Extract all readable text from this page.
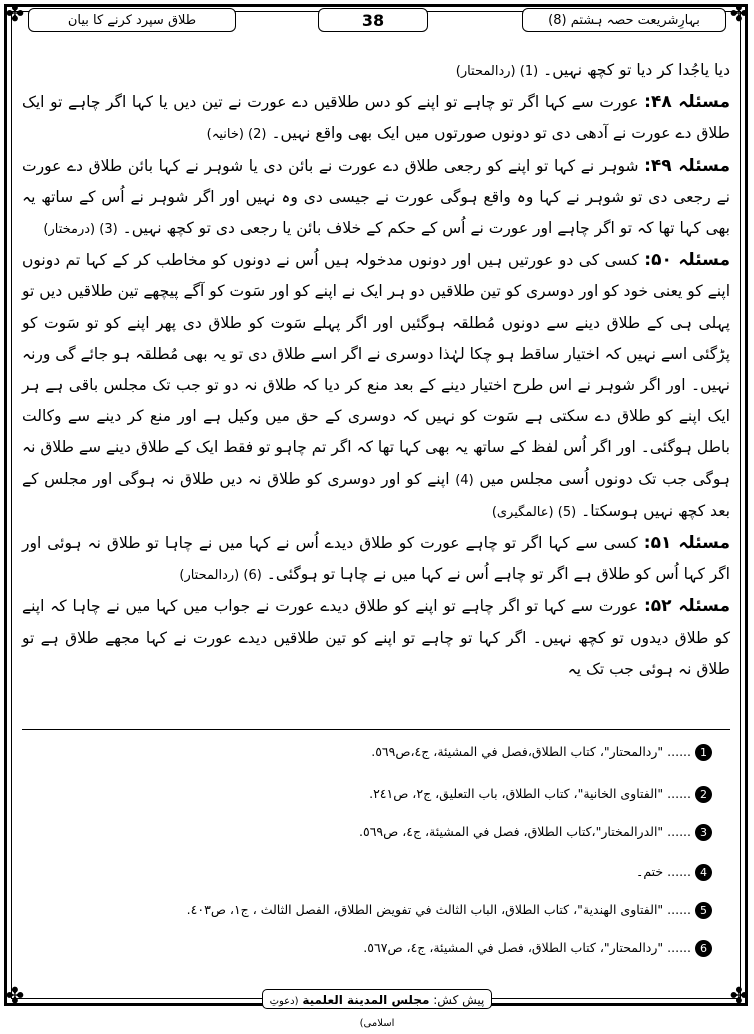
✤	✤
✤	✤
بہارِشریعت حصہ ہشتم (8)
38
طلاق سپرد کرنے کا بیان

دیا یاجُدا کر دیا تو کچھ نہیں۔ (1) (ردالمحتار)

مسئلہ ۴۸: عورت سے کہا اگر تو چاہے تو اپنے کو دس طلاقیں دے عورت نے تین دیں یا کہا اگر چاہے تو ایک طلاق دے عورت نے آدھی دی تو دونوں صورتوں میں ایک بھی واقع نہیں۔ (2) (خانیہ)

مسئلہ ۴۹: شوہر نے کہا تو اپنے کو رجعی طلاق دے عورت نے بائن دی یا شوہر نے کہا بائن طلاق دے عورت نے رجعی دی تو شوہر نے کہا وہ واقع ہوگی عورت نے جیسی دی وہ نہیں اور اگر شوہر نے اُس کے ساتھ یہ بھی کہا تھا کہ تو اگر چاہے اور عورت نے اُس کے حکم کے خلاف بائن یا رجعی دی تو کچھ نہیں۔ (3) (درمختار)

مسئلہ ۵۰: کسی کی دو عورتیں ہیں اور دونوں مدخولہ ہیں اُس نے دونوں کو مخاطب کر کے کہا تم دونوں اپنے کو یعنی خود کو اور دوسری کو تین طلاقیں دو ہر ایک نے اپنے کو اور سَوت کو آگے پیچھے تین طلاقیں دیں تو پہلی ہی کے طلاق دینے سے دونوں مُطلقہ ہوگئیں اور اگر پہلے سَوت کو طلاق دی پھر اپنے کو تو سَوت کو پڑگئی اسے نہیں کہ اختیار ساقط ہو چکا لہٰذا دوسری نے اگر اسے طلاق دی تو یہ بھی مُطلقہ ہو جائے گی ورنہ نہیں۔ اور اگر شوہر نے اس طرح اختیار دینے کے بعد منع کر دیا کہ طلاق نہ دو تو جب تک مجلس باقی ہے ہر ایک اپنے کو طلاق دے سکتی ہے سَوت کو نہیں کہ دوسری کے حق میں وکیل ہے اور منع کر دینے سے وکالت باطل ہوگئی۔ اور اگر اُس لفظ کے ساتھ یہ بھی کہا تھا کہ اگر تم چاہو تو فقط ایک کے طلاق دینے سے طلاق نہ ہوگی جب تک دونوں اُسی مجلس میں (4) اپنے کو اور دوسری کو طلاق نہ دیں طلاق نہ ہوگی اور مجلس کے بعد کچھ نہیں ہوسکتا۔ (5) (عالمگیری)

مسئلہ ۵۱: کسی سے کہا اگر تو چاہے عورت کو طلاق دیدے اُس نے کہا میں نے چاہا تو طلاق نہ ہوئی اور اگر کہا اُس کو طلاق ہے اگر تو چاہے اُس نے کہا میں نے چاہا تو ہوگئی۔ (6) (ردالمحتار)

مسئلہ ۵۲: عورت سے کہا تو اگر چاہے تو اپنے کو طلاق دیدے عورت نے جواب میں کہا میں نے چاہا کہ اپنے کو طلاق دیدوں تو کچھ نہیں۔ اگر کہا تو چاہے تو اپنے کو تین طلاقیں دیدے عورت نے کہا مجھے طلاق ہے تو طلاق نہ ہوئی جب تک یہ

1...... "ردالمحتار"، كتاب الطلاق،فصل في المشيئة، ج٤،ص٥٦٩.
2...... "الفتاوى الخانية"، كتاب الطلاق، باب التعليق، ج٢، ص٢٤١.
3...... "الدرالمختار"،كتاب الطلاق، فصل في المشيئة، ج٤، ص٥٦٩.
4...... ختم۔
5...... "الفتاوى الهندية"، كتاب الطلاق، الباب الثالث في تفويض الطلاق، الفصل الثالث ، ج١، ص٤٠٣.
6...... "ردالمحتار"، كتاب الطلاق، فصل في المشيئة، ج٤، ص٥٦٧.
پیش کش: مجلس المدينة العلمية (دعوتِ اسلامی)
